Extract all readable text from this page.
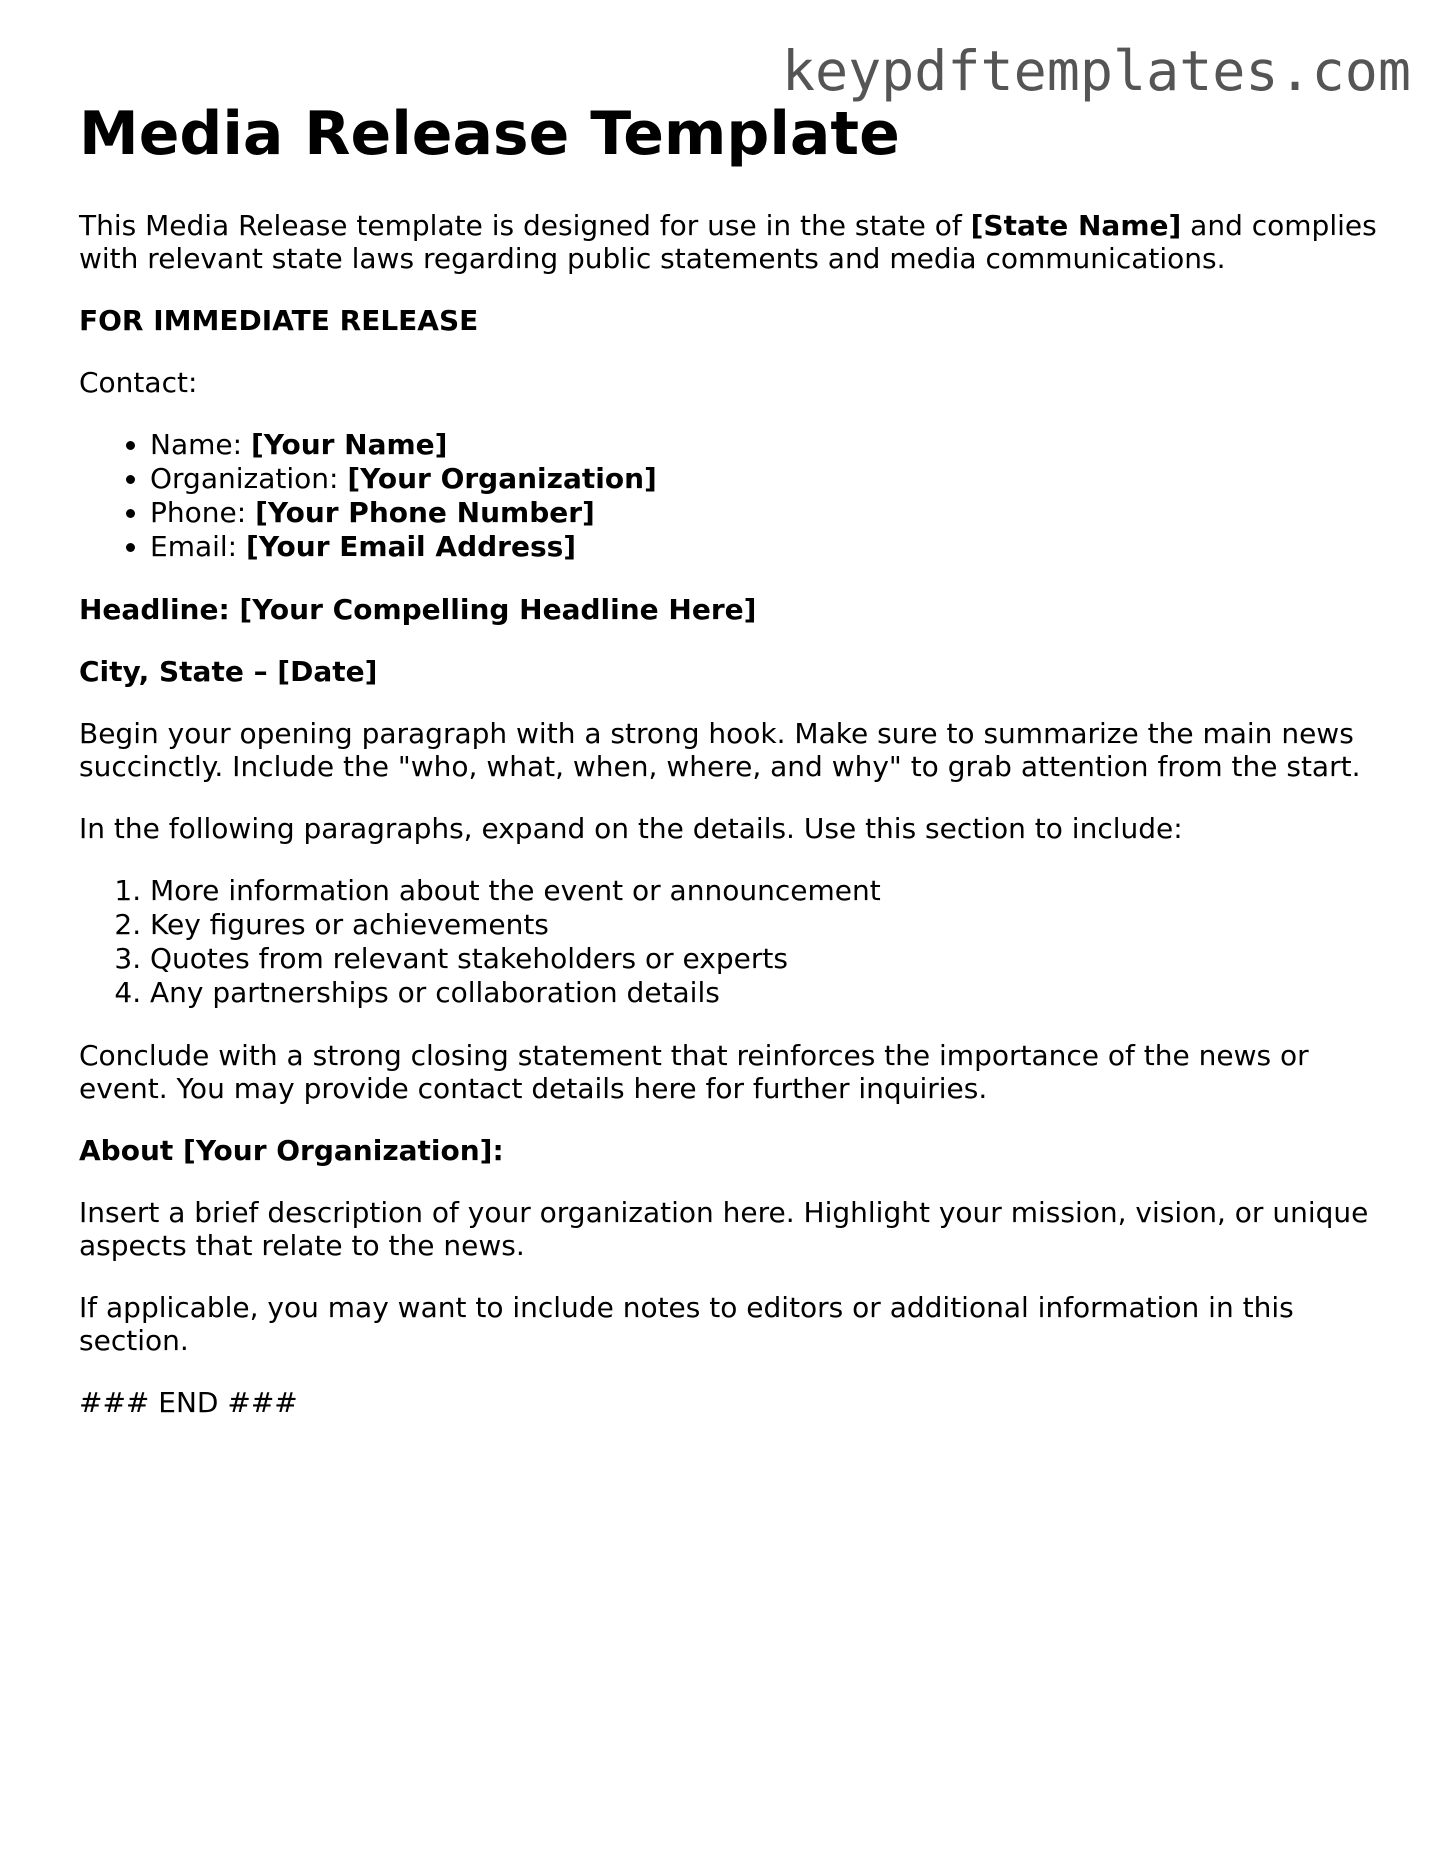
keypdftemplates.com
Media Release Template

This Media Release template is designed for use in the state of [State Name] and complies with relevant state laws regarding public statements and media communications.

FOR IMMEDIATE RELEASE

Contact:

• Name: [Your Name]
• Organization: [Your Organization]
• Phone: [Your Phone Number]
• Email: [Your Email Address]

Headline: [Your Compelling Headline Here]

City, State – [Date]

Begin your opening paragraph with a strong hook. Make sure to summarize the main news succinctly. Include the "who, what, when, where, and why" to grab attention from the start.

In the following paragraphs, expand on the details. Use this section to include:

1. More information about the event or announcement
2. Key figures or achievements
3. Quotes from relevant stakeholders or experts
4. Any partnerships or collaboration details

Conclude with a strong closing statement that reinforces the importance of the news or event. You may provide contact details here for further inquiries.

About [Your Organization]:

Insert a brief description of your organization here. Highlight your mission, vision, or unique aspects that relate to the news.

If applicable, you may want to include notes to editors or additional information in this section.

### END ###
